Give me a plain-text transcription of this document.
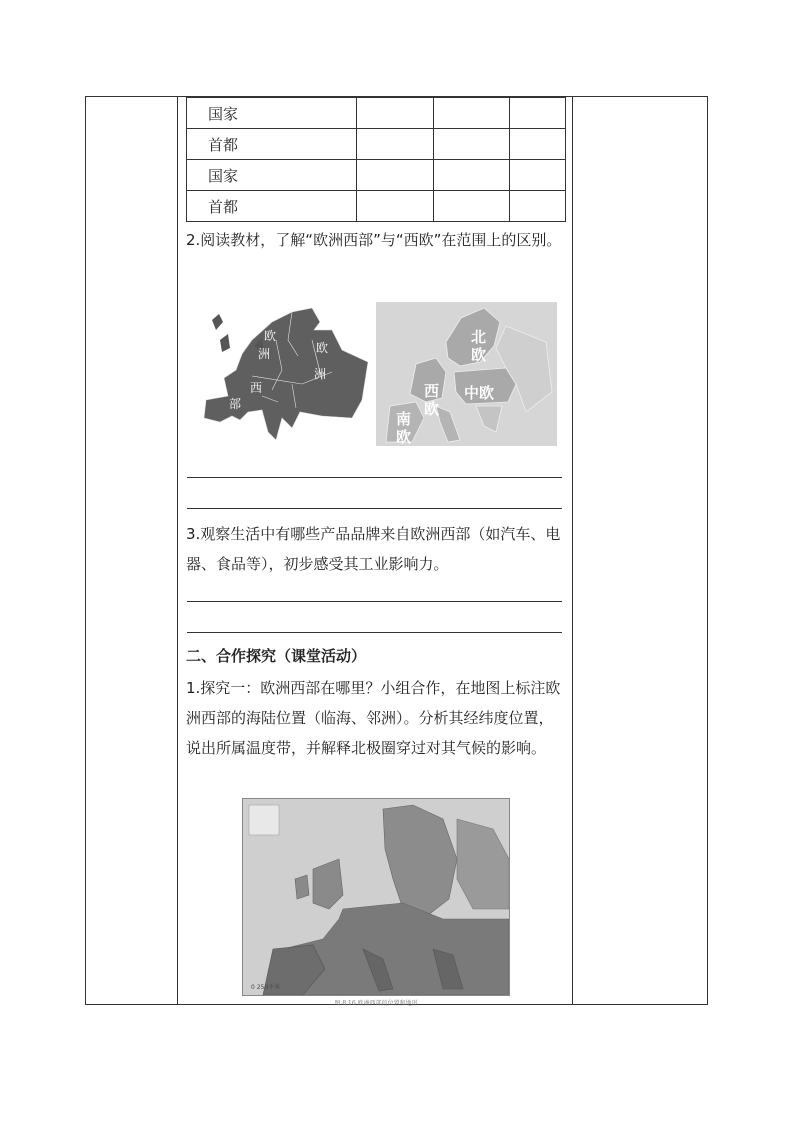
国家			
首都			
国家			
首都			
2.阅读教材，了解“欧洲西部”与“西欧”在范围上的区别。
欧
洲
西
部
欧
洲
北
欧
西
欧
中欧
南
欧
3.观察生活中有哪些产品品牌来自欧洲西部（如汽车、电器、食品等），初步感受其工业影响力。
二、合作探究（课堂活动）
1.探究一：欧洲西部在哪里？小组合作，在地图上标注欧洲西部的海陆位置（临海、邻洲）。分析其经纬度位置，说出所属温度带，并解释北极圈穿过对其气候的影响。
0 250千米
图 8.16 欧洲西部的位置和地形
